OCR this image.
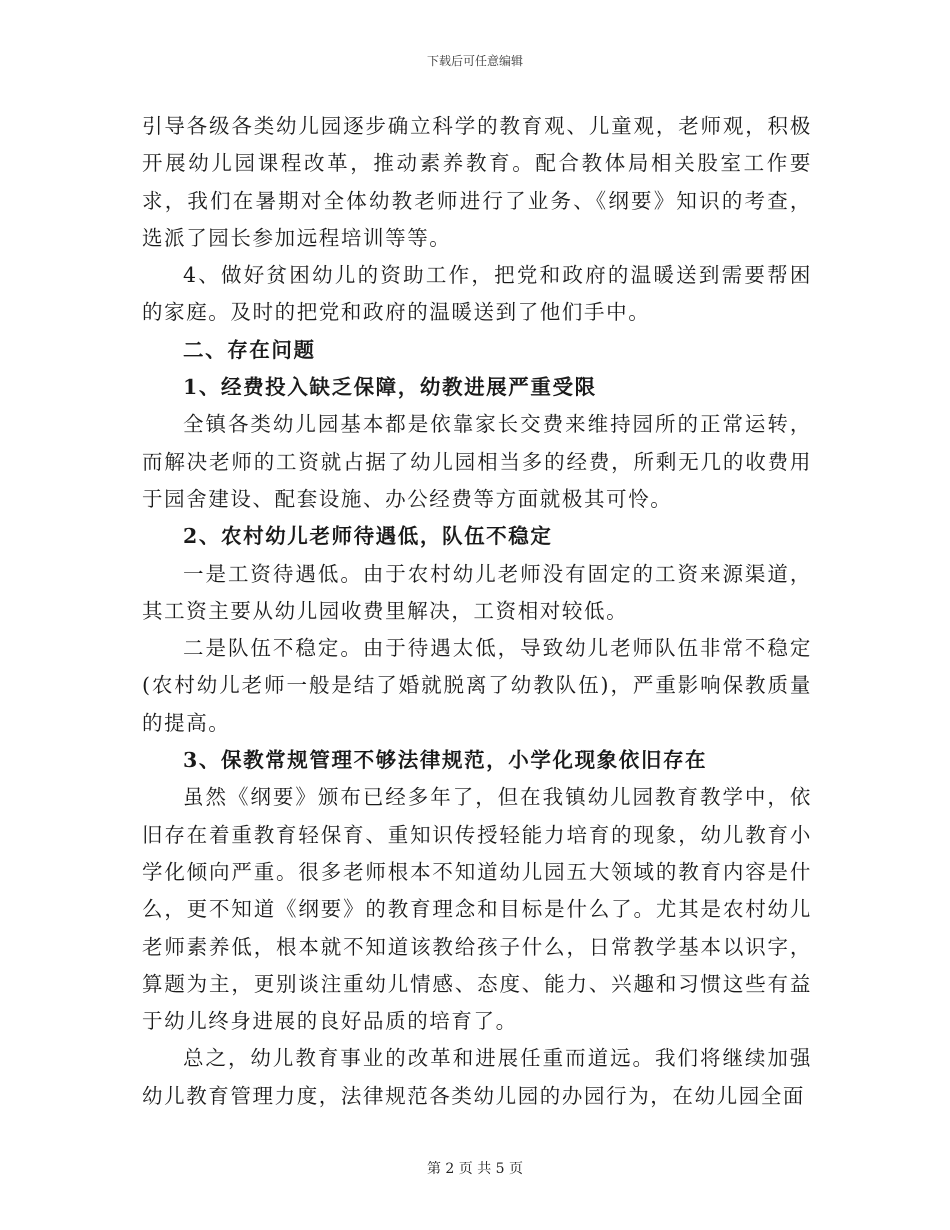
下载后可任意编辑

引导各级各类幼儿园逐步确立科学的教育观、儿童观，老师观，积极开展幼儿园课程改革，推动素养教育。配合教体局相关股室工作要求，我们在暑期对全体幼教老师进行了业务、《纲要》知识的考查，选派了园长参加远程培训等等。

4、做好贫困幼儿的资助工作，把党和政府的温暖送到需要帮困的家庭。及时的把党和政府的温暖送到了他们手中。

二、存在问题

1、经费投入缺乏保障，幼教进展严重受限

全镇各类幼儿园基本都是依靠家长交费来维持园所的正常运转，而解决老师的工资就占据了幼儿园相当多的经费，所剩无几的收费用于园舍建设、配套设施、办公经费等方面就极其可怜。

2、农村幼儿老师待遇低，队伍不稳定

一是工资待遇低。由于农村幼儿老师没有固定的工资来源渠道，其工资主要从幼儿园收费里解决，工资相对较低。

二是队伍不稳定。由于待遇太低，导致幼儿老师队伍非常不稳定(农村幼儿老师一般是结了婚就脱离了幼教队伍)，严重影响保教质量的提高。

3、保教常规管理不够法律规范，小学化现象依旧存在

虽然《纲要》颁布已经多年了，但在我镇幼儿园教育教学中，依旧存在着重教育轻保育、重知识传授轻能力培育的现象，幼儿教育小学化倾向严重。很多老师根本不知道幼儿园五大领域的教育内容是什么，更不知道《纲要》的教育理念和目标是什么了。尤其是农村幼儿老师素养低，根本就不知道该教给孩子什么，日常教学基本以识字，算题为主，更别谈注重幼儿情感、态度、能力、兴趣和习惯这些有益于幼儿终身进展的良好品质的培育了。

总之，幼儿教育事业的改革和进展任重而道远。我们将继续加强幼儿教育管理力度，法律规范各类幼儿园的办园行为，在幼儿园全面

第 2 页 共 5 页
